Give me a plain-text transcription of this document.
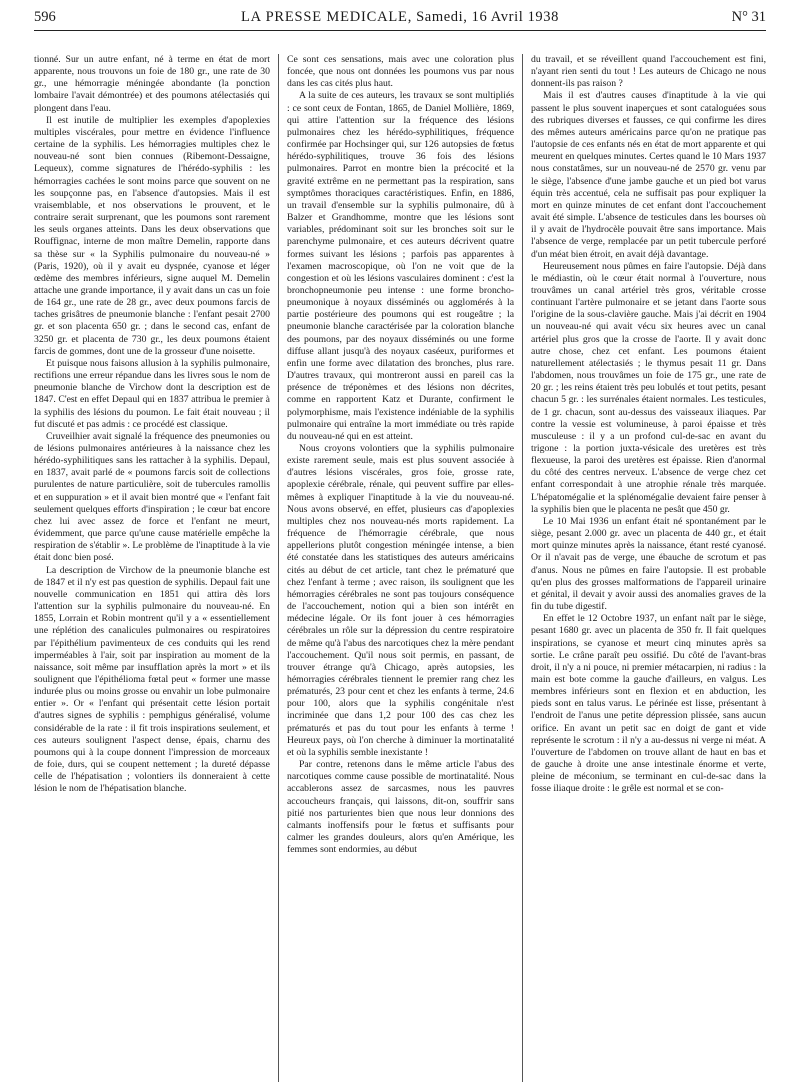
596	LA PRESSE MEDICALE, Samedi, 16 Avril 1938	N° 31

tionné. Sur un autre enfant, né à terme en état de mort apparente, nous trouvons un foie de 180 gr., une rate de 30 gr., une hémorragie méningée abondante (la ponction lombaire l'avait démontrée) et des poumons atélectasiés qui plongent dans l'eau.

Il est inutile de multiplier les exemples d'apoplexies multiples viscérales, pour mettre en évidence l'influence certaine de la syphilis. Les hémorragies multiples chez le nouveau-né sont bien connues (Ribemont-Dessaigne, Lequeux), comme signatures de l'hérédo-syphilis : les hémorragies cachées le sont moins parce que souvent on ne les soupçonne pas, en l'absence d'autopsies. Mais il est vraisemblable, et nos observations le prouvent, et le contraire serait surprenant, que les poumons sont rarement les seuls organes atteints. Dans les deux observations que Rouffignac, interne de mon maître Demelin, rapporte dans sa thèse sur « la Syphilis pulmonaire du nouveau-né » (Paris, 1920), où il y avait eu dyspnée, cyanose et léger œdème des membres inférieurs, signe auquel M. Demelin attache une grande importance, il y avait dans un cas un foie de 164 gr., une rate de 28 gr., avec deux poumons farcis de taches grisâtres de pneumonie blanche : l'enfant pesait 2700 gr. et son placenta 650 gr. ; dans le second cas, enfant de 3250 gr. et placenta de 730 gr., les deux poumons étaient farcis de gommes, dont une de la grosseur d'une noisette.

Et puisque nous faisons allusion à la syphilis pulmonaire, rectifions une erreur répandue dans les livres sous le nom de pneumonie blanche de Virchow dont la description est de 1847. C'est en effet Depaul qui en 1837 attribua le premier à la syphilis des lésions du poumon. Le fait était nouveau ; il fut discuté et pas admis : ce procédé est classique.

Cruveilhier avait signalé la fréquence des pneumonies ou de lésions pulmonaires antérieures à la naissance chez les hérédo-syphilitiques sans les rattacher à la syphilis. Depaul, en 1837, avait parlé de « poumons farcis soit de collections purulentes de nature particulière, soit de tubercules ramollis et en suppuration » et il avait bien montré que « l'enfant fait seulement quelques efforts d'inspiration ; le cœur bat encore chez lui avec assez de force et l'enfant ne meurt, évidemment, que parce qu'une cause matérielle empêche la respiration de s'établir ». Le problème de l'inaptitude à la vie était donc bien posé.

La description de Virchow de la pneumonie blanche est de 1847 et il n'y est pas question de syphilis. Depaul fait une nouvelle communication en 1851 qui attira dès lors l'attention sur la syphilis pulmonaire du nouveau-né. En 1855, Lorrain et Robin montrent qu'il y a « essentiellement une réplétion des canalicules pulmonaires ou respiratoires par l'épithélium pavimenteux de ces conduits qui les rend imperméables à l'air, soit par inspiration au moment de la naissance, soit même par insufflation après la mort » et ils soulignent que l'épithélioma fœtal peut « former une masse indurée plus ou moins grosse ou envahir un lobe pulmonaire entier ». Or « l'enfant qui présentait cette lésion portait d'autres signes de syphilis : pemphigus généralisé, volume considérable de la rate : il fit trois inspirations seulement, et ces auteurs soulignent l'aspect dense, épais, charnu des poumons qui à la coupe donnent l'impression de morceaux de foie, durs, qui se coupent nettement ; la dureté dépasse celle de l'hépatisation ; volontiers ils donneraient à cette lésion le nom de l'hépatisation blanche.

Ce sont ces sensations, mais avec une coloration plus foncée, que nous ont données les poumons vus par nous dans les cas cités plus haut.

A la suite de ces auteurs, les travaux se sont multipliés : ce sont ceux de Fontan, 1865, de Daniel Mollière, 1869, qui attire l'attention sur la fréquence des lésions pulmonaires chez les hérédo-syphilitiques, fréquence confirmée par Hochsinger qui, sur 126 autopsies de fœtus hérédo-syphilitiques, trouve 36 fois des lésions pulmonaires. Parrot en montre bien la précocité et la gravité extrême en ne permettant pas la respiration, sans symptômes thoraciques caractéristiques. Enfin, en 1886, un travail d'ensemble sur la syphilis pulmonaire, dû à Balzer et Grandhomme, montre que les lésions sont variables, prédominant soit sur les bronches soit sur le parenchyme pulmonaire, et ces auteurs décrivent quatre formes suivant les lésions ; parfois pas apparentes à l'examen macroscopique, où l'on ne voit que de la congestion et où les lésions vasculaires dominent : c'est la bronchopneumonie peu intense : une forme broncho-pneumonique à noyaux disséminés ou agglomérés à la partie postérieure des poumons qui est rougeâtre ; la pneumonie blanche caractérisée par la coloration blanche des poumons, par des noyaux disséminés ou une forme diffuse allant jusqu'à des noyaux caséeux, puriformes et enfin une forme avec dilatation des bronches, plus rare. D'autres travaux, qui montreront aussi en pareil cas la présence de tréponèmes et des lésions non décrites, comme en rapportent Katz et Durante, confirment le polymorphisme, mais l'existence indéniable de la syphilis pulmonaire qui entraîne la mort immédiate ou très rapide du nouveau-né qui en est atteint.

Nous croyons volontiers que la syphilis pulmonaire existe rarement seule, mais est plus souvent associée à d'autres lésions viscérales, gros foie, grosse rate, apoplexie cérébrale, rénale, qui peuvent suffire par elles-mêmes à expliquer l'inaptitude à la vie du nouveau-né. Nous avons observé, en effet, plusieurs cas d'apoplexies multiples chez nos nouveau-nés morts rapidement. La fréquence de l'hémorragie cérébrale, que nous appellerions plutôt congestion méningée intense, a bien été constatée dans les statistiques des auteurs américains cités au début de cet article, tant chez le prématuré que chez l'enfant à terme ; avec raison, ils soulignent que les hémorragies cérébrales ne sont pas toujours conséquence de l'accouchement, notion qui a bien son intérêt en médecine légale. Or ils font jouer à ces hémorragies cérébrales un rôle sur la dépression du centre respiratoire de même qu'à l'abus des narcotiques chez la mère pendant l'accouchement. Qu'il nous soit permis, en passant, de trouver étrange qu'à Chicago, après autopsies, les hémorragies cérébrales tiennent le premier rang chez les prématurés, 23 pour cent et chez les enfants à terme, 24.6 pour 100, alors que la syphilis congénitale n'est incriminée que dans 1,2 pour 100 des cas chez les prématurés et pas du tout pour les enfants à terme ! Heureux pays, où l'on cherche à diminuer la mortinatalité et où la syphilis semble inexistante !

Par contre, retenons dans le même article l'abus des narcotiques comme cause possible de mortinatalité. Nous accablerons assez de sarcasmes, nous les pauvres accoucheurs français, qui laissons, dit-on, souffrir sans pitié nos parturientes bien que nous leur donnions des calmants inoffensifs pour le fœtus et suffisants pour calmer les grandes douleurs, alors qu'en Amérique, les femmes sont endormies, au début

du travail, et se réveillent quand l'accouchement est fini, n'ayant rien senti du tout ! Les auteurs de Chicago ne nous donnent-ils pas raison ?

Mais il est d'autres causes d'inaptitude à la vie qui passent le plus souvent inaperçues et sont cataloguées sous des rubriques diverses et fausses, ce qui confirme les dires des mêmes auteurs américains parce qu'on ne pratique pas l'autopsie de ces enfants nés en état de mort apparente et qui meurent en quelques minutes. Certes quand le 10 Mars 1937 nous constatâmes, sur un nouveau-né de 2570 gr. venu par le siège, l'absence d'une jambe gauche et un pied bot varus équin très accentué, cela ne suffisait pas pour expliquer la mort en quinze minutes de cet enfant dont l'accouchement avait été simple. L'absence de testicules dans les bourses où il y avait de l'hydrocèle pouvait être sans importance. Mais l'absence de verge, remplacée par un petit tubercule perforé d'un méat bien étroit, en avait déjà davantage.

Heureusement nous pûmes en faire l'autopsie. Déjà dans le médiastin, où le cœur était normal à l'ouverture, nous trouvâmes un canal artériel très gros, véritable crosse continuant l'artère pulmonaire et se jetant dans l'aorte sous l'origine de la sous-clavière gauche. Mais j'ai décrit en 1904 un nouveau-né qui avait vécu six heures avec un canal artériel plus gros que la crosse de l'aorte. Il y avait donc autre chose, chez cet enfant. Les poumons étaient naturellement atélectasiés ; le thymus pesait 11 gr. Dans l'abdomen, nous trouvâmes un foie de 175 gr., une rate de 20 gr. ; les reins étaient très peu lobulés et tout petits, pesant chacun 5 gr. : les surrénales étaient normales. Les testicules, de 1 gr. chacun, sont au-dessus des vaisseaux iliaques. Par contre la vessie est volumineuse, à paroi épaisse et très musculeuse : il y a un profond cul-de-sac en avant du trigone : la portion juxta-vésicale des uretères est très flexueuse, la paroi des uretères est épaisse. Rien d'anormal du côté des centres nerveux. L'absence de verge chez cet enfant correspondait à une atrophie rénale très marquée. L'hépatomégalie et la splénomégalie devaient faire penser à la syphilis bien que le placenta ne pesât que 450 gr.

Le 10 Mai 1936 un enfant était né spontanément par le siège, pesant 2.000 gr. avec un placenta de 440 gr., et était mort quinze minutes après la naissance, étant resté cyanosé. Or il n'avait pas de verge, une ébauche de scrotum et pas d'anus. Nous ne pûmes en faire l'autopsie. Il est probable qu'en plus des grosses malformations de l'appareil urinaire et génital, il devait y avoir aussi des anomalies graves de la fin du tube digestif.

En effet le 12 Octobre 1937, un enfant naît par le siège, pesant 1680 gr. avec un placenta de 350 fr. Il fait quelques inspirations, se cyanose et meurt cinq minutes après sa sortie. Le crâne paraît peu ossifié. Du côté de l'avant-bras droit, il n'y a ni pouce, ni premier métacarpien, ni radius : la main est bote comme la gauche d'ailleurs, en valgus. Les membres inférieurs sont en flexion et en abduction, les pieds sont en talus varus. Le périnée est lisse, présentant à l'endroit de l'anus une petite dépression plissée, sans aucun orifice. En avant un petit sac en doigt de gant et vide représente le scrotum : il n'y a au-dessus ni verge ni méat. A l'ouverture de l'abdomen on trouve allant de haut en bas et de gauche à droite une anse intestinale énorme et verte, pleine de méconium, se terminant en cul-de-sac dans la fosse iliaque droite : le grêle est normal et se con-
